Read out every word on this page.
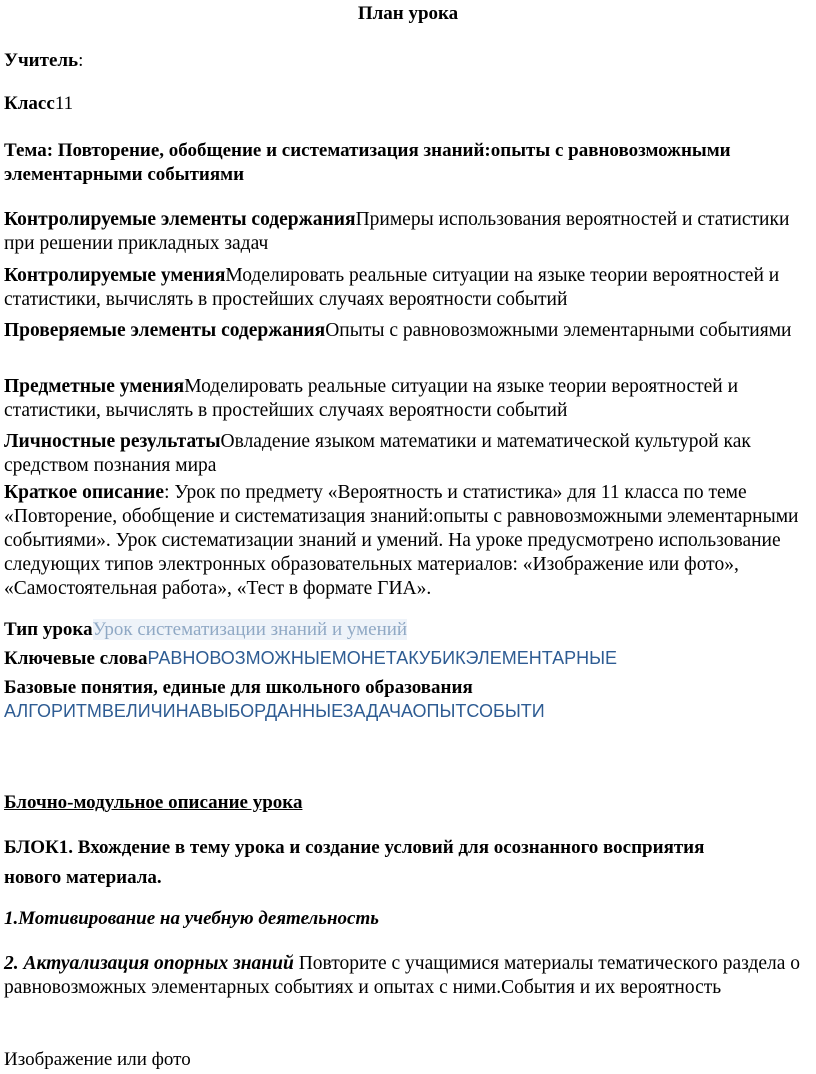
План урока
Учитель:
Класс11
Тема: Повторение, обобщение и систематизация знаний:опыты с равновозможными
элементарными событиями
Контролируемые элементы содержанияПримеры использования вероятностей и статистики при решении прикладных задач
Контролируемые уменияМоделировать реальные ситуации на языке теории вероятностей и статистики, вычислять в простейших случаях вероятности событий
Проверяемые элементы содержанияОпыты с равновозможными элементарными событиями
Предметные уменияМоделировать реальные ситуации на языке теории вероятностей и статистики, вычислять в простейших случаях вероятности событий
Личностные результатыОвладение языком математики и математической культурой как средством познания мира
Краткое описание: Урок по предмету «Вероятность и статистика» для 11 класса по теме «Повторение, обобщение и систематизация знаний:опыты с равновозможными элементарными событиями». Урок систематизации знаний и умений. На уроке предусмотрено использование следующих типов электронных образовательных материалов: «Изображение или фото», «Самостоятельная работа», «Тест в формате ГИА».
Тип урокаУрок систематизации знаний и умений
Ключевые словаРАВНОВОЗМОЖНЫЕМОНЕТАКУБИКЭЛЕМЕНТАРНЫЕ
Базовые понятия, единые для школьного образования
АЛГОРИТМВЕЛИЧИНАВЫБОРДАННЫЕЗАДАЧАОПЫТСОБЫТИ
Блочно-модульное описание урока
БЛОК1. Вхождение в тему урока и создание условий для осознанного восприятия
нового материала.
1.Мотивирование на учебную деятельность
2. Актуализация опорных знаний Повторите с учащимися материалы тематического раздела о равновозможных элементарных событиях и опытах с ними.События и их вероятность
Изображение или фото
